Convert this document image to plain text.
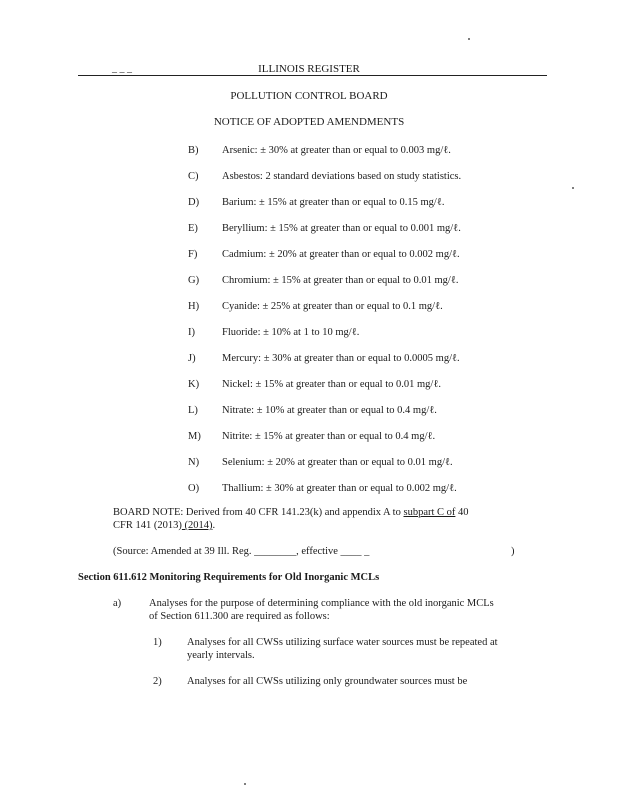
_ _ _	ILLINOIS REGISTER
POLLUTION CONTROL BOARD
NOTICE OF ADOPTED AMENDMENTS
B) Arsenic: ± 30% at greater than or equal to 0.003 mg/ℓ.
C) Asbestos: 2 standard deviations based on study statistics.
D) Barium: ± 15% at greater than or equal to 0.15 mg/ℓ.
E) Beryllium: ± 15% at greater than or equal to 0.001 mg/ℓ.
F) Cadmium: ± 20% at greater than or equal to 0.002 mg/ℓ.
G) Chromium: ± 15% at greater than or equal to 0.01 mg/ℓ.
H) Cyanide: ± 25% at greater than or equal to 0.1 mg/ℓ.
I)	Fluoride: ± 10% at 1 to 10 mg/ℓ.
J)	Mercury: ± 30% at greater than or equal to 0.0005 mg/ℓ.
K) Nickel: ± 15% at greater than or equal to 0.01 mg/ℓ.
L) Nitrate: ± 10% at greater than or equal to 0.4 mg/ℓ.
M) Nitrite: ± 15% at greater than or equal to 0.4 mg/ℓ.
N) Selenium: ± 20% at greater than or equal to 0.01 mg/ℓ.
O) Thallium: ± 30% at greater than or equal to 0.002 mg/ℓ.
BOARD NOTE: Derived from 40 CFR 141.23(k) and appendix A to subpart C of 40
CFR 141 (2013) (2014).
(Source: Amended at 39 Ill. Reg. ________, effective ____ _	)
Section 611.612 Monitoring Requirements for Old Inorganic MCLs
a)	Analyses for the purpose of determining compliance with the old inorganic MCLs
of Section 611.300 are required as follows:
1) Analyses for all CWSs utilizing surface water sources must be repeated at
yearly intervals.
2) Analyses for all CWSs utilizing only groundwater sources must be
